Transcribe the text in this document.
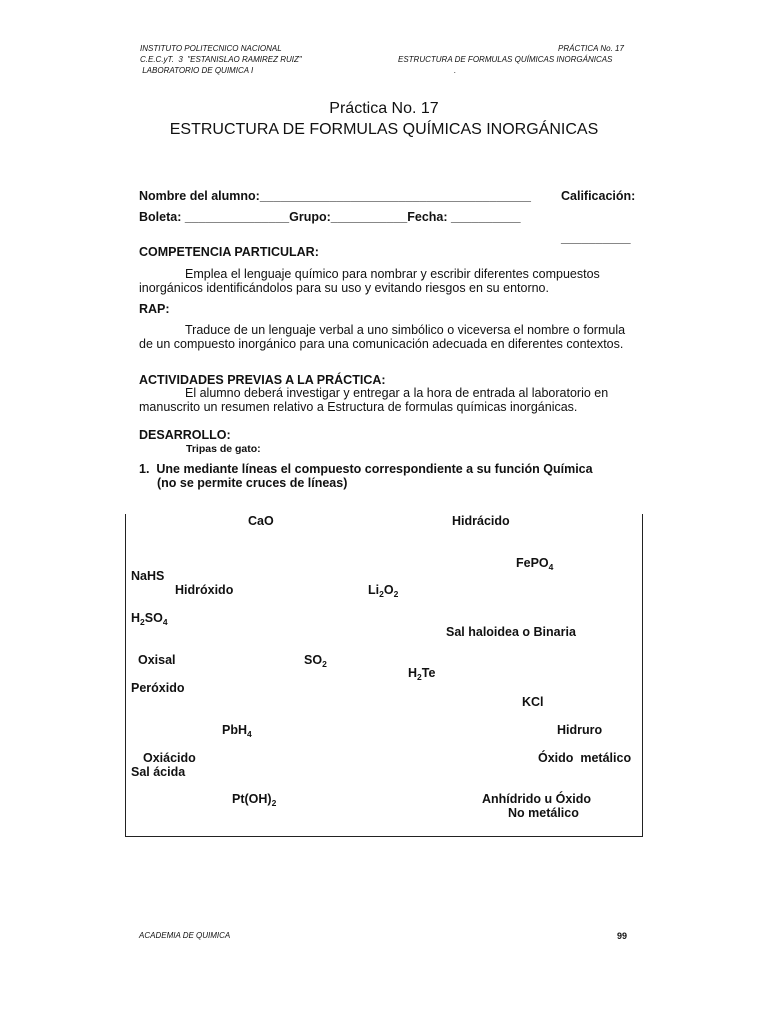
INSTITUTO POLITECNICO NACIONAL
C.E.C.yT.  3  "ESTANISLAO RAMIREZ RUIZ"
LABORATORIO DE QUIMICA I
PRÁCTICA No. 17
ESTRUCTURA DE FORMULAS QUÍMICAS INORGÁNICAS
.
Práctica No. 17
ESTRUCTURA DE FORMULAS QUÍMICAS INORGÁNICAS
Nombre del alumno:_______________________________________ Calificación:
Boleta: _______________Grupo:___________Fecha: __________
__________
COMPETENCIA PARTICULAR:
Emplea el lenguaje químico para nombrar y escribir diferentes compuestos inorgánicos identificándolos para su uso y evitando riesgos en su entorno.
RAP:
Traduce de un lenguaje verbal a uno simbólico o viceversa el nombre o formula de un compuesto inorgánico para una comunicación adecuada en diferentes contextos.
ACTIVIDADES PREVIAS A LA PRÁCTICA:
El alumno deberá investigar y entregar a la hora de entrada al laboratorio en manuscrito un resumen relativo a Estructura de formulas químicas inorgánicas.
DESARROLLO:
Tripas de gato:
1.  Une mediante líneas el compuesto correspondiente a su función Química
(no se permite cruces de líneas)
CaO	Hidrácido
FePO$_4$
NaHS
Hidróxido	$Li_2O_2$
$H_2SO_4$
Sal haloidea o Binaria
Oxisal	$SO_2$
$H_2Te$
Peróxido
KCl
PbH$_4$	Hidruro
Oxiácido	Óxido  metálico
Sal ácida
$Pt(OH)_2$	Anhídrido u Óxido
No metálico
ACADEMIA DE QUIMICA	99
